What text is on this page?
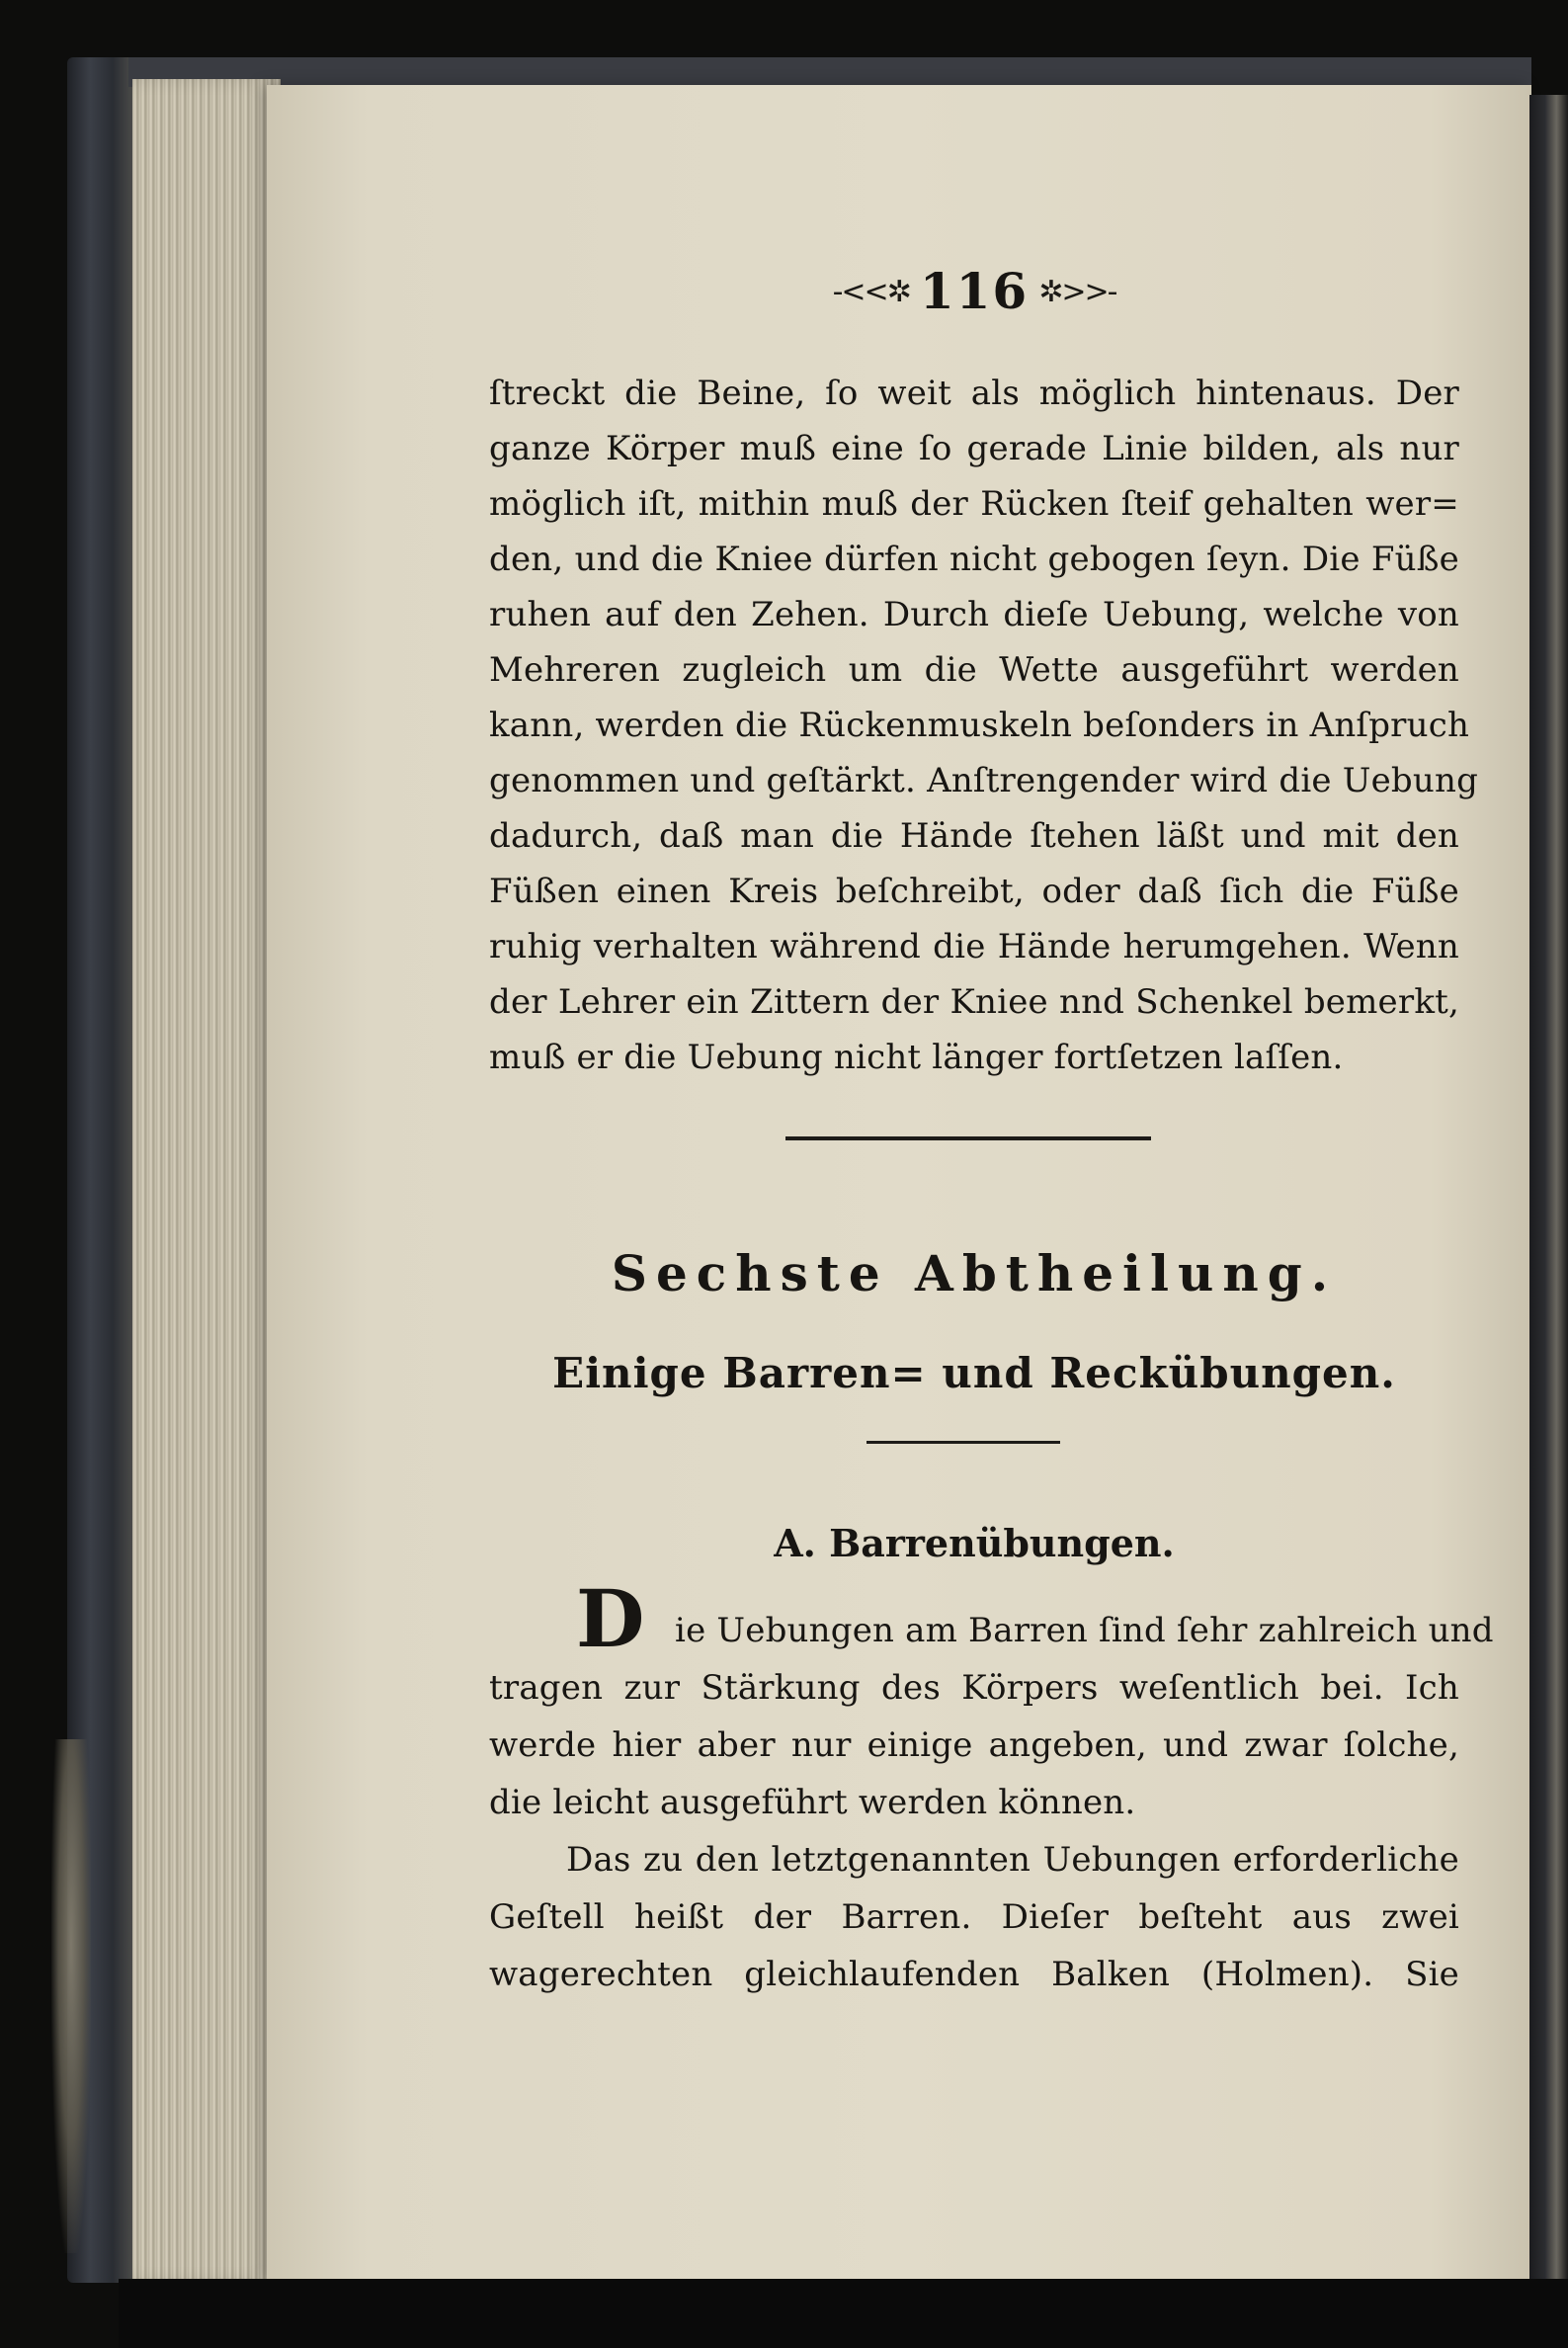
-<<✲ 116 ✲>>-
ſtreckt die Beine, ſo weit als möglich hintenaus. Der
ganze Körper muß eine ſo gerade Linie bilden, als nur
möglich iſt, mithin muß der Rücken ſteif gehalten wer=
den, und die Kniee dürfen nicht gebogen ſeyn. Die Füße
ruhen auf den Zehen. Durch dieſe Uebung, welche von
Mehreren zugleich um die Wette ausgeführt werden
kann, werden die Rückenmuskeln beſonders in Anſpruch
genommen und geſtärkt. Anſtrengender wird die Uebung
dadurch, daß man die Hände ſtehen läßt und mit den
Füßen einen Kreis beſchreibt, oder daß ſich die Füße
ruhig verhalten während die Hände herumgehen. Wenn
der Lehrer ein Zittern der Kniee nnd Schenkel bemerkt,
muß er die Uebung nicht länger fortſetzen laſſen.
Sechste Abtheilung.
Einige Barren= und Reckübungen.
A. Barrenübungen.
D ie Uebungen am Barren ſind ſehr zahlreich und
tragen zur Stärkung des Körpers weſentlich bei. Ich
werde hier aber nur einige angeben, und zwar ſolche,
die leicht ausgeführt werden können.
Das zu den letztgenannten Uebungen erforderliche
Geſtell heißt der Barren. Dieſer beſteht aus zwei
wagerechten gleichlaufenden Balken (Holmen). Sie
